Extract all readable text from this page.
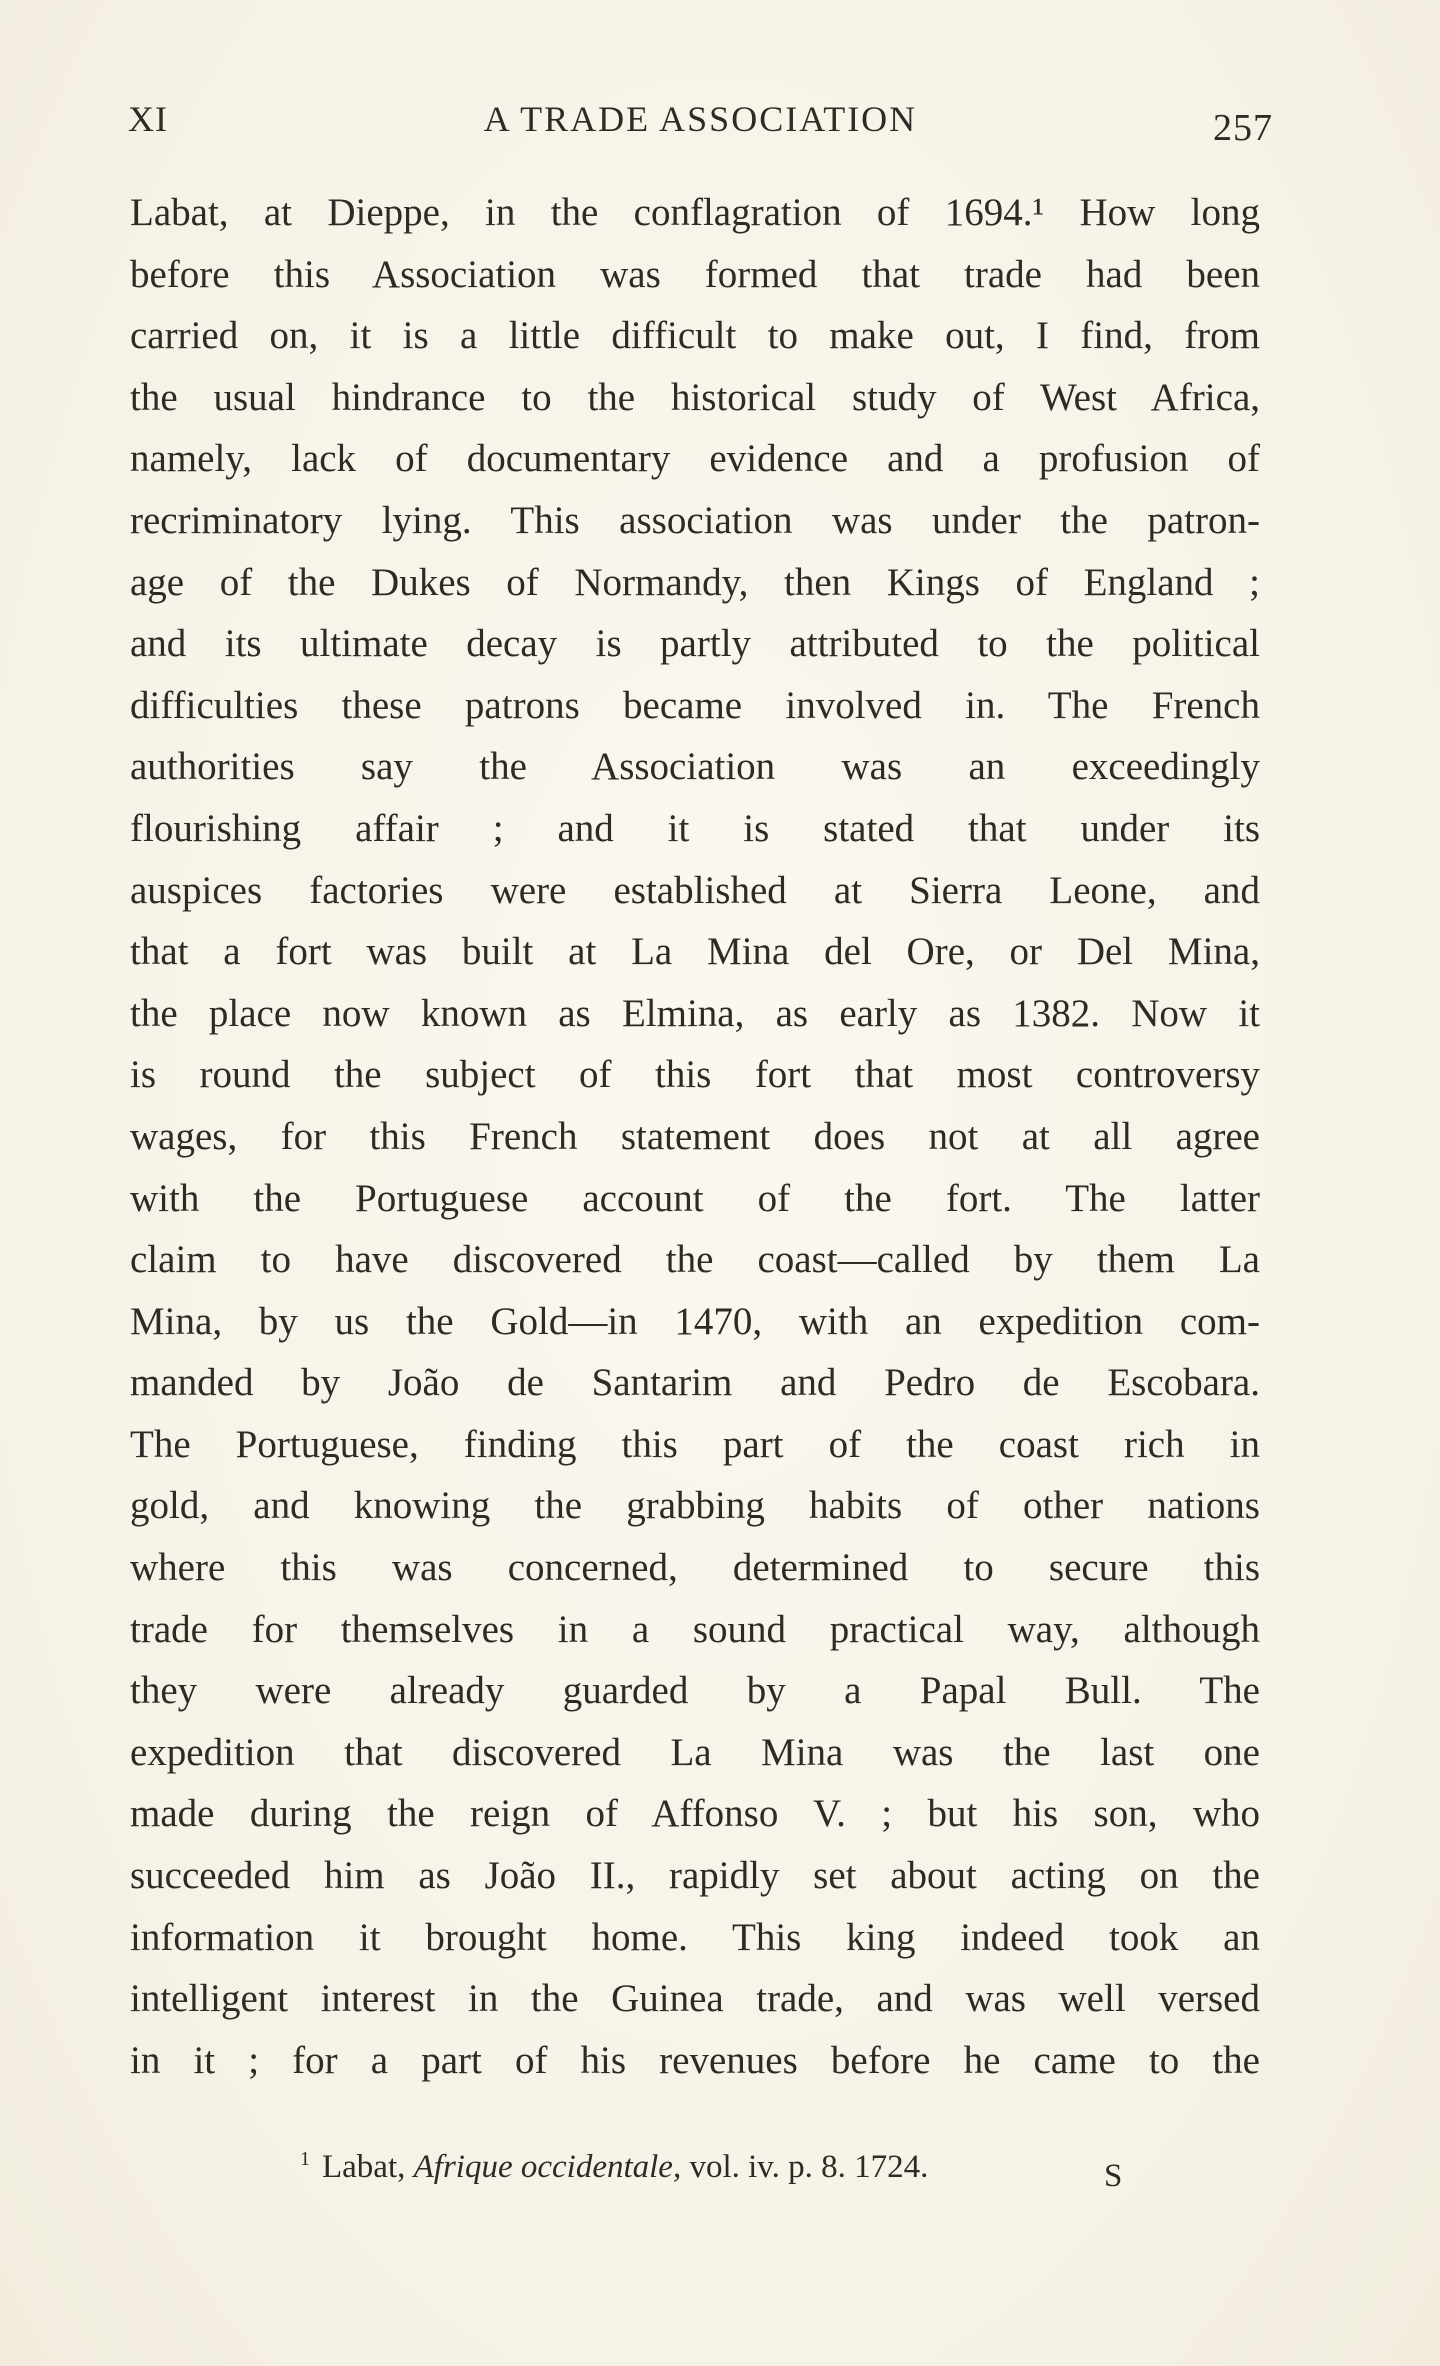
XI	A TRADE ASSOCIATION	257
Labat, at Dieppe, in the conflagration of 1694.¹ How long
before this Association was formed that trade had been
carried on, it is a little difficult to make out, I find, from
the usual hindrance to the historical study of West Africa,
namely, lack of documentary evidence and a profusion of
recriminatory lying. This association was under the patron-
age of the Dukes of Normandy, then Kings of England ;
and its ultimate decay is partly attributed to the political
difficulties these patrons became involved in. The French
authorities say the Association was an exceedingly
flourishing affair ; and it is stated that under its
auspices factories were established at Sierra Leone, and
that a fort was built at La Mina del Ore, or Del Mina,
the place now known as Elmina, as early as 1382. Now it
is round the subject of this fort that most controversy
wages, for this French statement does not at all agree
with the Portuguese account of the fort. The latter
claim to have discovered the coast—called by them La
Mina, by us the Gold—in 1470, with an expedition com-
manded by João de Santarim and Pedro de Escobara.
The Portuguese, finding this part of the coast rich in
gold, and knowing the grabbing habits of other nations
where this was concerned, determined to secure this
trade for themselves in a sound practical way, although
they were already guarded by a Papal Bull. The
expedition that discovered La Mina was the last one
made during the reign of Affonso V. ; but his son, who
succeeded him as João II., rapidly set about acting on the
information it brought home. This king indeed took an
intelligent interest in the Guinea trade, and was well versed
in it ; for a part of his revenues before he came to the
$^1$ Labat, Afrique occidentale, vol. iv. p. 8. 1724.	S
